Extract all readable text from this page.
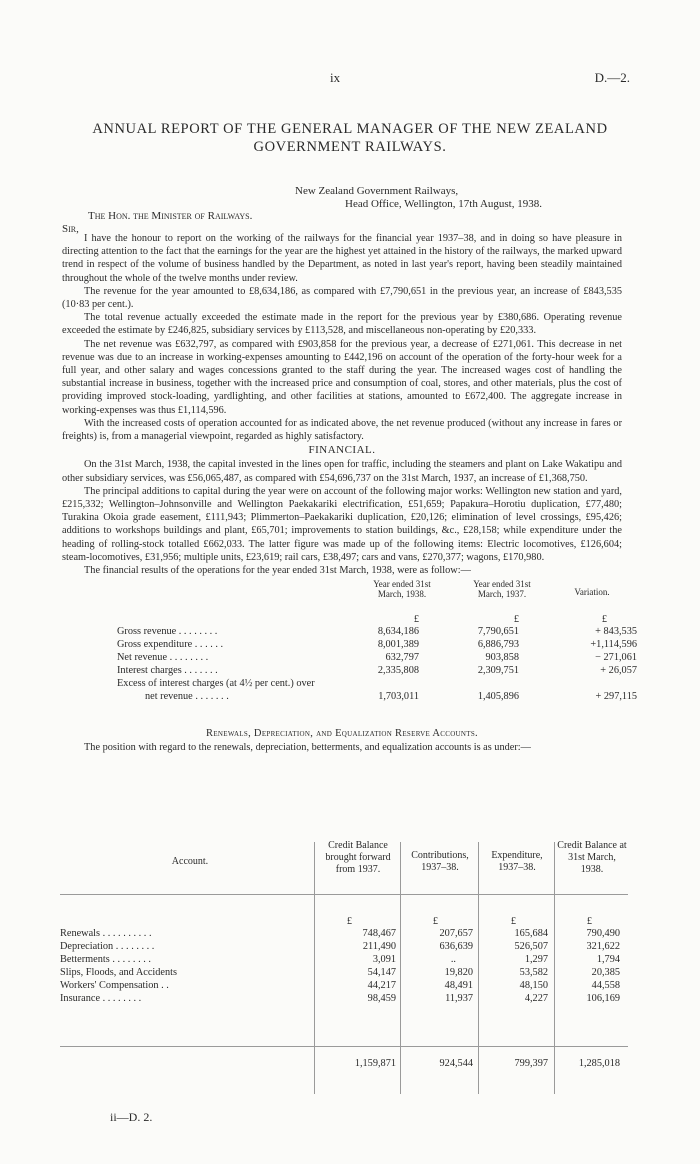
ix	D.—2.
ANNUAL REPORT OF THE GENERAL MANAGER OF THE NEW ZEALAND GOVERNMENT RAILWAYS.
New Zealand Government Railways,
Head Office, Wellington, 17th August, 1938.
The Hon. the Minister of Railways.
Sir,

I have the honour to report on the working of the railways for the financial year 1937–38, and in doing so have pleasure in directing attention to the fact that the earnings for the year are the highest yet attained in the history of the railways, the marked upward trend in respect of the volume of business handled by the Department, as noted in last year's report, having been steadily maintained throughout the whole of the twelve months under review.

The revenue for the year amounted to £8,634,186, as compared with £7,790,651 in the previous year, an increase of £843,535 (10·83 per cent.).

The total revenue actually exceeded the estimate made in the report for the previous year by £380,686. Operating revenue exceeded the estimate by £246,825, subsidiary services by £113,528, and miscellaneous non-operating by £20,333.

The net revenue was £632,797, as compared with £903,858 for the previous year, a decrease of £271,061. This decrease in net revenue was due to an increase in working-expenses amounting to £442,196 on account of the operation of the forty-hour week for a full year, and other salary and wages concessions granted to the staff during the year. The increased wages cost of handling the substantial increase in business, together with the increased price and consumption of coal, stores, and other materials, plus the cost of providing improved stock-loading, yardlighting, and other facilities at stations, amounted to £672,400. The aggregate increase in working-expenses was thus £1,114,596.

With the increased costs of operation accounted for as indicated above, the net revenue produced (without any increase in fares or freights) is, from a managerial viewpoint, regarded as highly satisfactory.

FINANCIAL.

On the 31st March, 1938, the capital invested in the lines open for traffic, including the steamers and plant on Lake Wakatipu and other subsidiary services, was £56,065,487, as compared with £54,696,737 on the 31st March, 1937, an increase of £1,368,750.

The principal additions to capital during the year were on account of the following major works: Wellington new station and yard, £215,332; Wellington–Johnsonville and Wellington Paekakariki electrification, £51,659; Papakura–Horotiu duplication, £77,480; Turakina Okoia grade easement, £111,943; Plimmerton–Paekakariki duplication, £20,126; elimination of level crossings, £95,426; additions to workshops buildings and plant, £65,701; improvements to station buildings, &c., £28,158; while expenditure under the heading of rolling-stock totalled £662,033. The latter figure was made up of the following items: Electric locomotives, £126,604; steam-locomotives, £31,956; multiple units, £23,619; rail cars, £38,497; cars and vans, £270,377; wagons, £170,980.

The financial results of the operations for the year ended 31st March, 1938, were as follow:—

Year ended 31st March, 1938.
Year ended 31st March, 1937.	Variation.
£	£	£
Gross revenue . . . . . . . .	8,634,186	7,790,651	+ 843,535
Gross expenditure . . . . . .	8,001,389	6,886,793	+1,114,596
Net revenue . . . . . . . .	632,797	903,858	− 271,061
Interest charges . . . . . . .	2,335,808	2,309,751	+ 26,057
Excess of interest charges (at 4½ per cent.) over
net revenue . . . . . . .	1,703,011	1,405,896	+ 297,115
Renewals, Depreciation, and Equalization Reserve Accounts.

The position with regard to the renewals, depreciation, betterments, and equalization accounts is as under:—

Account.
Credit Balance brought forward from 1937.
Contributions, 1937–38.
Expenditure, 1937–38.
Credit Balance at 31st March, 1938.
£	£	£	£
Renewals . . . . . . . . . .	748,467	207,657	165,684	790,490
Depreciation . . . . . . . .	211,490	636,639	526,507	321,622
Betterments . . . . . . . .	3,091	..	1,297	1,794
Slips, Floods, and Accidents	54,147	19,820	53,582	20,385
Workers' Compensation . .	44,217	48,491	48,150	44,558
Insurance . . . . . . . .	98,459	11,937	4,227	106,169
1,159,871	924,544	799,397	1,285,018
ii—D. 2.
